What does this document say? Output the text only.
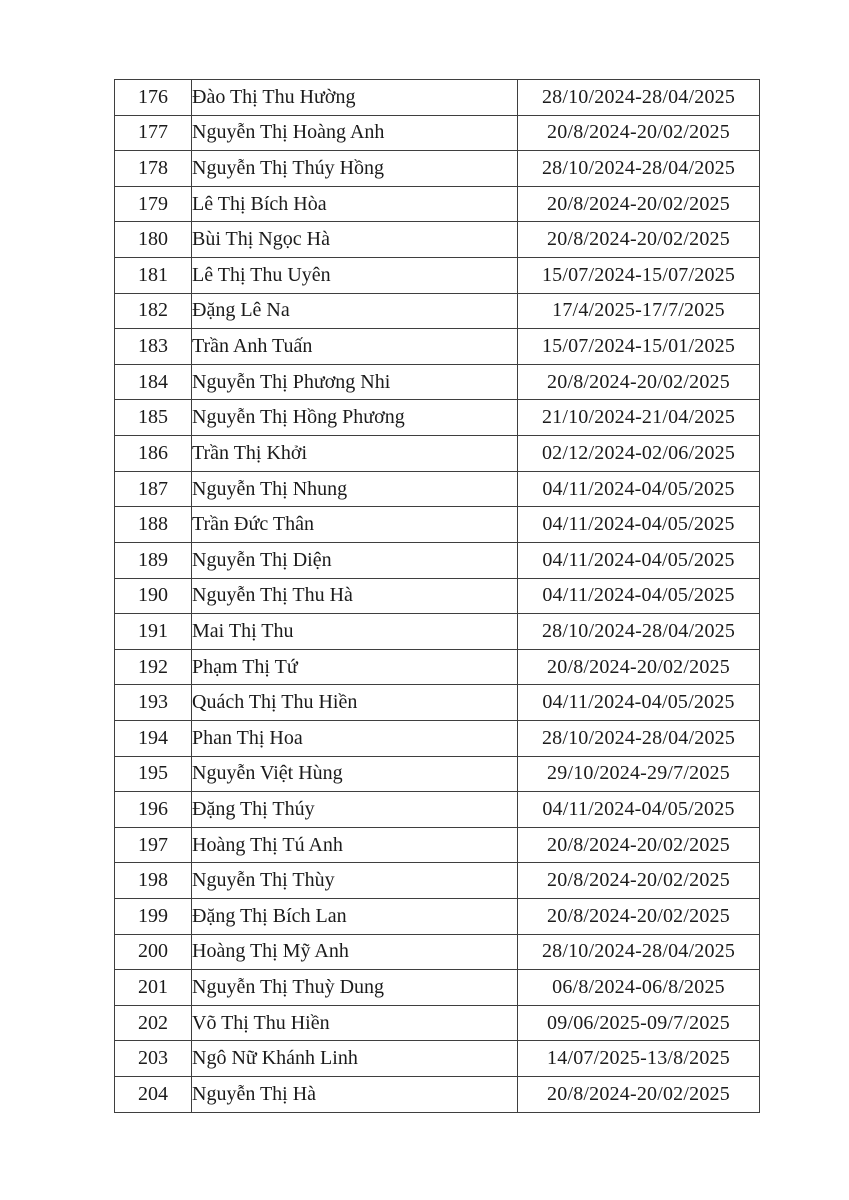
176	Đào Thị Thu Hường	28/10/2024-28/04/2025
177	Nguyễn Thị Hoàng Anh	20/8/2024-20/02/2025
178	Nguyễn Thị Thúy Hồng	28/10/2024-28/04/2025
179	Lê Thị Bích Hòa	20/8/2024-20/02/2025
180	Bùi Thị Ngọc Hà	20/8/2024-20/02/2025
181	Lê Thị Thu Uyên	15/07/2024-15/07/2025
182	Đặng Lê Na	17/4/2025-17/7/2025
183	Trần Anh Tuấn	15/07/2024-15/01/2025
184	Nguyễn Thị Phương Nhi	20/8/2024-20/02/2025
185	Nguyễn Thị Hồng Phương	21/10/2024-21/04/2025
186	Trần Thị Khởi	02/12/2024-02/06/2025
187	Nguyễn Thị Nhung	04/11/2024-04/05/2025
188	Trần Đức Thân	04/11/2024-04/05/2025
189	Nguyễn Thị Diện	04/11/2024-04/05/2025
190	Nguyễn Thị Thu Hà	04/11/2024-04/05/2025
191	Mai Thị Thu	28/10/2024-28/04/2025
192	Phạm Thị Tứ	20/8/2024-20/02/2025
193	Quách Thị Thu Hiền	04/11/2024-04/05/2025
194	Phan Thị Hoa	28/10/2024-28/04/2025
195	Nguyễn Việt Hùng	29/10/2024-29/7/2025
196	Đặng Thị Thúy	04/11/2024-04/05/2025
197	Hoàng Thị Tú Anh	20/8/2024-20/02/2025
198	Nguyễn Thị Thùy	20/8/2024-20/02/2025
199	Đặng Thị Bích Lan	20/8/2024-20/02/2025
200	Hoàng Thị Mỹ Anh	28/10/2024-28/04/2025
201	Nguyễn Thị Thuỳ Dung	06/8/2024-06/8/2025
202	Võ Thị Thu Hiền	09/06/2025-09/7/2025
203	Ngô Nữ Khánh Linh	14/07/2025-13/8/2025
204	Nguyễn Thị Hà	20/8/2024-20/02/2025
